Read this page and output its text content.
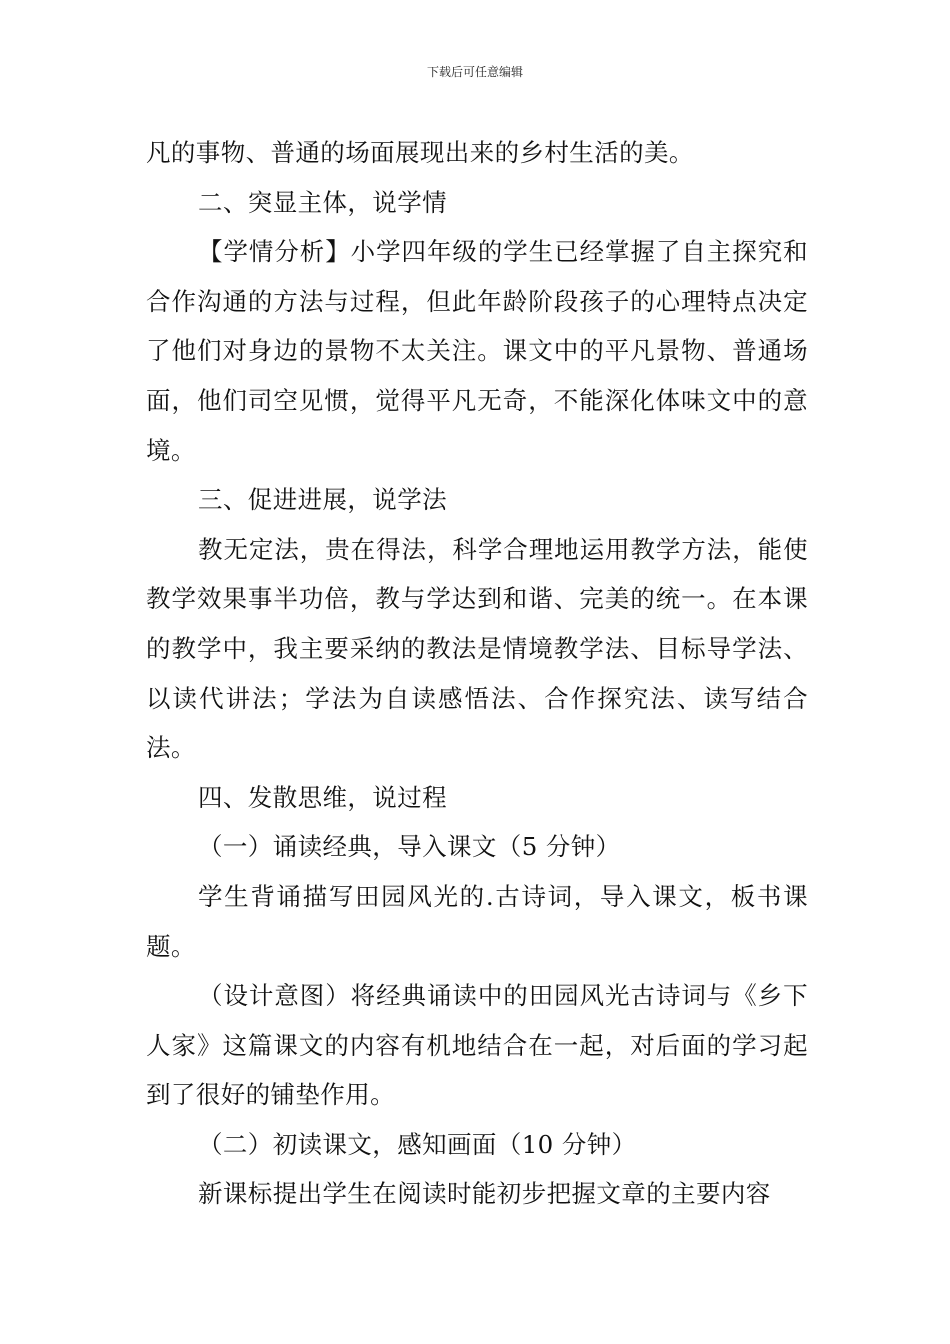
下载后可任意编辑

凡的事物、普通的场面展现出来的乡村生活的美。

二、突显主体，说学情

【学情分析】小学四年级的学生已经掌握了自主探究和合作沟通的方法与过程，但此年龄阶段孩子的心理特点决定了他们对身边的景物不太关注。课文中的平凡景物、普通场面，他们司空见惯，觉得平凡无奇，不能深化体味文中的意境。

三、促进进展，说学法

教无定法，贵在得法，科学合理地运用教学方法，能使教学效果事半功倍，教与学达到和谐、完美的统一。在本课的教学中，我主要采纳的教法是情境教学法、目标导学法、以读代讲法；学法为自读感悟法、合作探究法、读写结合法。

四、发散思维，说过程

（一）诵读经典，导入课文（5 分钟）

学生背诵描写田园风光的.古诗词，导入课文，板书课题。

（设计意图）将经典诵读中的田园风光古诗词与《乡下人家》这篇课文的内容有机地结合在一起，对后面的学习起到了很好的铺垫作用。

（二）初读课文，感知画面（10 分钟）

新课标提出学生在阅读时能初步把握文章的主要内容
